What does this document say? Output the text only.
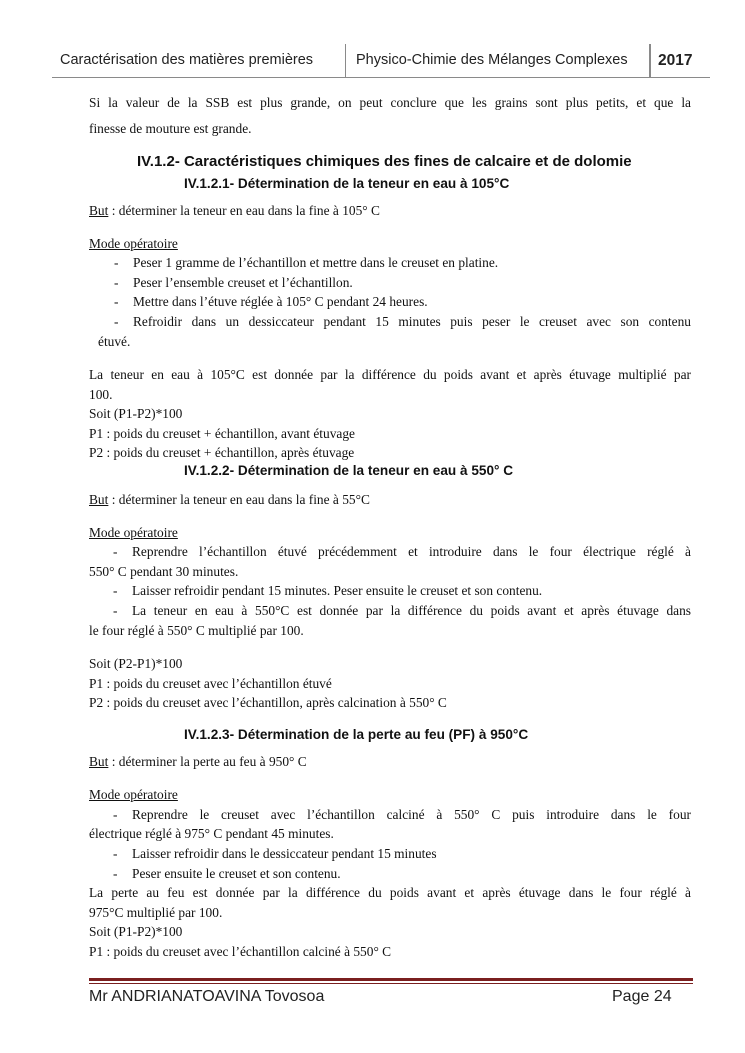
Caractérisation des matières premières	Physico-Chimie des Mélanges Complexes 2017
Si la valeur de la SSB est plus grande, on peut conclure que les grains sont plus petits, et que la
finesse de mouture est grande.
IV.1.2- Caractéristiques chimiques des fines de calcaire et de dolomie
IV.1.2.1- Détermination de la teneur en eau à 105°C
But : déterminer la teneur en eau dans la fine à 105° C
Mode opératoire
- Peser 1 gramme de l’échantillon et mettre dans le creuset en platine.
- Peser l’ensemble creuset et l’échantillon.
- Mettre dans l’étuve réglée à 105° C pendant 24 heures.
- Refroidir dans un dessiccateur pendant 15 minutes puis peser le creuset avec son contenu
étuvé.
La teneur en eau à 105°C est donnée par la différence du poids avant et après étuvage multiplié par
100.
Soit (P1-P2)*100
P1 : poids du creuset + échantillon, avant étuvage
P2 : poids du creuset + échantillon, après étuvage
IV.1.2.2- Détermination de la teneur en eau à 550° C
But : déterminer la teneur en eau dans la fine à 55°C
Mode opératoire
- Reprendre l’échantillon étuvé précédemment et introduire dans le four électrique réglé à
550° C pendant 30 minutes.
- Laisser refroidir pendant 15 minutes. Peser ensuite le creuset et son contenu.
- La teneur en eau à 550°C est donnée par la différence du poids avant et après étuvage dans
le four réglé à 550° C multiplié par 100.
Soit (P2-P1)*100
P1 : poids du creuset avec l’échantillon étuvé
P2 : poids du creuset avec l’échantillon, après calcination à 550° C
IV.1.2.3- Détermination de la perte au feu (PF) à 950°C
But : déterminer la perte au feu à 950° C
Mode opératoire
- Reprendre le creuset avec l’échantillon calciné à 550° C puis introduire dans le four
électrique réglé à 975° C pendant 45 minutes.
- Laisser refroidir dans le dessiccateur pendant 15 minutes
- Peser ensuite le creuset et son contenu.
La perte au feu est donnée par la différence du poids avant et après étuvage dans le four réglé à
975°C multiplié par 100.
Soit (P1-P2)*100
P1 : poids du creuset avec l’échantillon calciné à 550° C
Mr ANDRIANATOAVINA Tovosoa	Page 24
